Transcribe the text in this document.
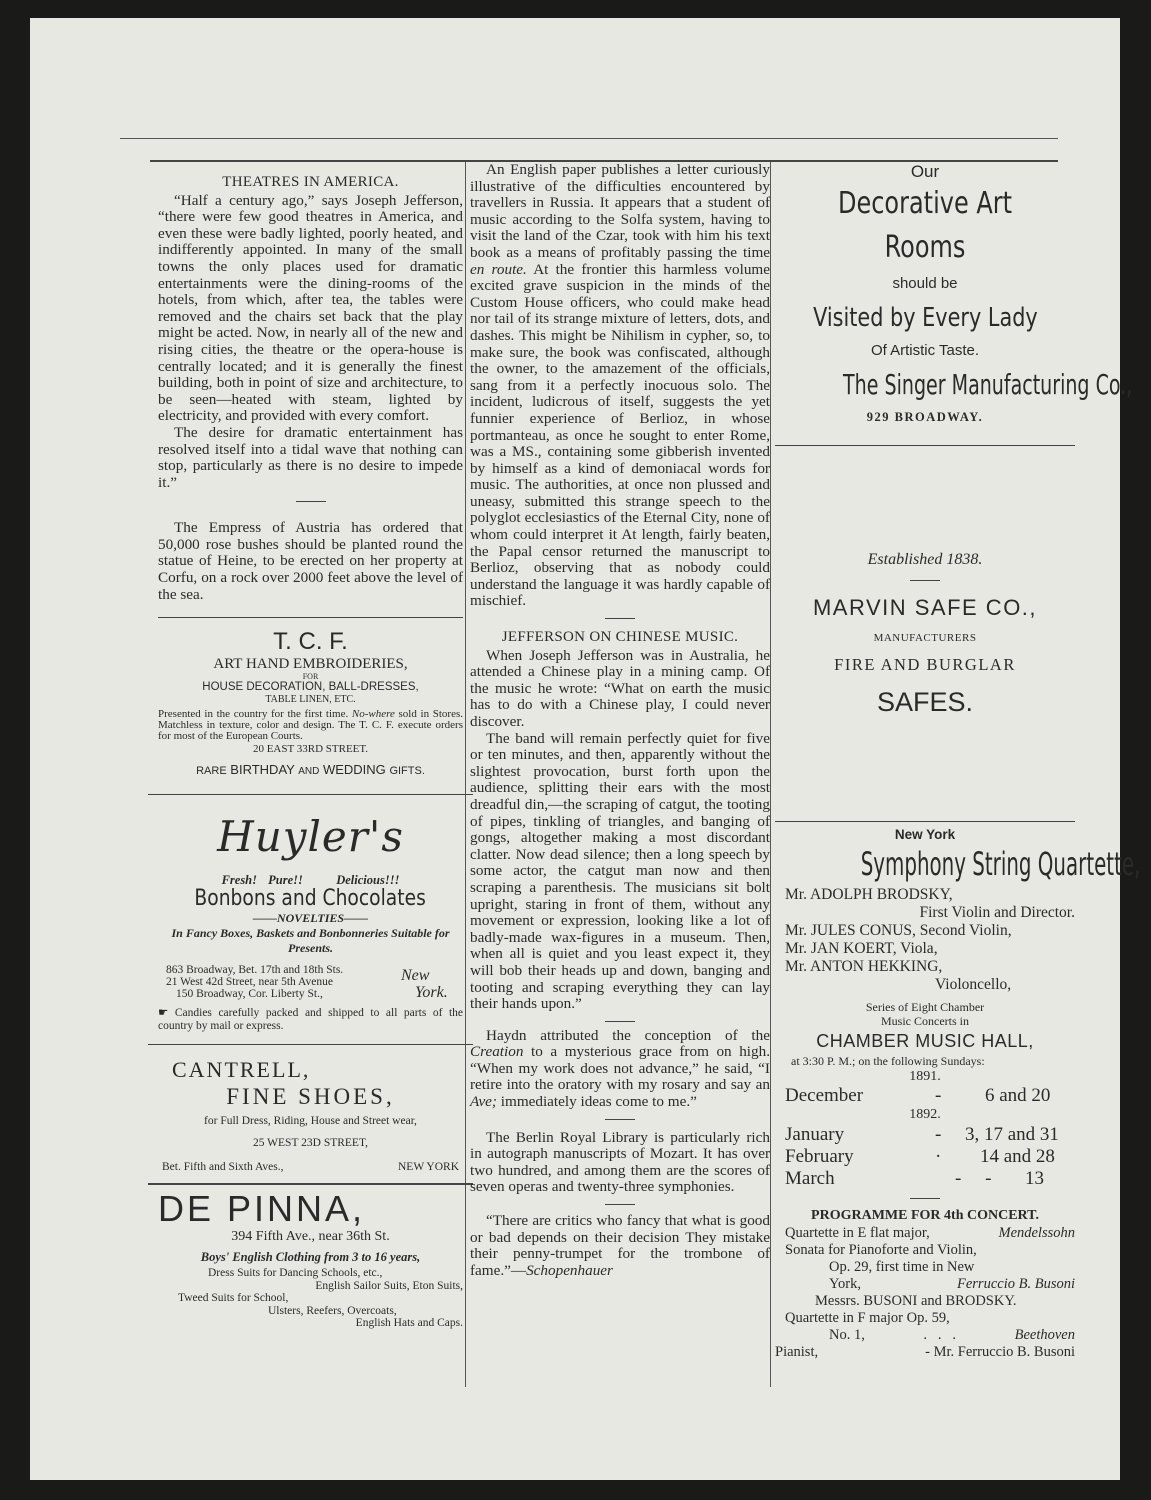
THEATRES IN AMERICA.

“Half a century ago,” says Joseph Jefferson, “there were few good theatres in America, and even these were badly lighted, poorly heated, and indifferently appointed. In many of the small towns the only places used for dramatic entertainments were the dining-rooms of the hotels, from which, after tea, the tables were removed and the chairs set back that the play might be acted. Now, in nearly all of the new and rising cities, the theatre or the opera-house is centrally located; and it is generally the finest building, both in point of size and architecture, to be seen—heated with steam, lighted by electricity, and provided with every comfort.

The desire for dramatic entertainment has resolved itself into a tidal wave that nothing can stop, particularly as there is no desire to impede it.”

The Empress of Austria has ordered that 50,000 rose bushes should be planted round the statue of Heine, to be erected on her property at Corfu, on a rock over 2000 feet above the level of the sea.

T. C. F.
ART HAND EMBROIDERIES,
FOR
HOUSE DECORATION, BALL-DRESSES,
TABLE LINEN, ETC.

Presented in the country for the first time. No-where sold in Stores. Matchless in texture, color and design. The T. C. F. execute orders for most of the European Courts.

20 EAST 33RD STREET.
RARE BIRTHDAY AND WEDDING GIFTS.
Huyler's
Fresh! Pure!!	Delicious!!!
Bonbons and Chocolates
——NOVELTIES——
In Fancy Boxes, Baskets and Bonbonneries Suitable for Presents.
863 Broadway, Bet. 17th and 18th Sts.
21 West 42d Street, near 5th Avenue
150 Broadway, Cor. Liberty St.,
New
York.

☛ Candies carefully packed and shipped to all parts of the country by mail or express.

CANTRELL,
FINE SHOES,
for Full Dress, Riding, House and Street wear,
25 WEST 23D STREET,
Bet. Fifth and Sixth Aves.,	NEW YORK
DE PINNA,
394 Fifth Ave., near 36th St.
Boys' English Clothing from 3 to 16 years,
Dress Suits for Dancing Schools, etc.,
English Sailor Suits, Eton Suits,
Tweed Suits for School,
Ulsters, Reefers, Overcoats,
English Hats and Caps.

An English paper publishes a letter curiously illustrative of the difficulties encountered by travellers in Russia. It appears that a student of music according to the Solfa system, having to visit the land of the Czar, took with him his text book as a means of profitably passing the time en route. At the frontier this harmless volume excited grave suspicion in the minds of the Custom House officers, who could make head nor tail of its strange mixture of letters, dots, and dashes. This might be Nihilism in cypher, so, to make sure, the book was confiscated, although the owner, to the amazement of the officials, sang from it a perfectly inocuous solo. The incident, ludicrous of itself, suggests the yet funnier experience of Berlioz, in whose portmanteau, as once he sought to enter Rome, was a MS., containing some gibberish invented by himself as a kind of demoniacal words for music. The authorities, at once non plussed and uneasy, submitted this strange speech to the polyglot ecclesiastics of the Eternal City, none of whom could interpret it At length, fairly beaten, the Papal censor returned the manuscript to Berlioz, observing that as nobody could understand the language it was hardly capable of mischief.

JEFFERSON ON CHINESE MUSIC.

When Joseph Jefferson was in Australia, he attended a Chinese play in a mining camp. Of the music he wrote: “What on earth the music has to do with a Chinese play, I could never discover.

The band will remain perfectly quiet for five or ten minutes, and then, apparently without the slightest provocation, burst forth upon the audience, splitting their ears with the most dreadful din,—the scraping of catgut, the tooting of pipes, tinkling of triangles, and banging of gongs, altogether making a most discordant clatter. Now dead silence; then a long speech by some actor, the catgut man now and then scraping a parenthesis. The musicians sit bolt upright, staring in front of them, without any movement or expression, looking like a lot of badly-made wax-figures in a museum. Then, when all is quiet and you least expect it, they will bob their heads up and down, banging and tooting and scraping everything they can lay their hands upon.”

Haydn attributed the conception of the Creation to a mysterious grace from on high. “When my work does not advance,” he said, “I retire into the oratory with my rosary and say an Ave; immediately ideas come to me.”

The Berlin Royal Library is particularly rich in autograph manuscripts of Mozart. It has over two hundred, and among them are the scores of seven operas and twenty-three symphonies.

“There are critics who fancy that what is good or bad depends on their decision They mistake their penny-trumpet for the trombone of fame.”—Schopenhauer

Our
Decorative Art Rooms
should be
Visited by Every Lady
Of Artistic Taste.
The Singer Manufacturing Co.,
929 BROADWAY.
Established 1838.
MARVIN SAFE CO.,
MANUFACTURERS
FIRE AND BURGLAR
SAFES.
New York
Symphony String Quartette,
Mr. ADOLPH BRODSKY,
First Violin and Director.
Mr. JULES CONUS, Second Violin,
Mr. JAN KOERT, Viola,
Mr. ANTON HEKKING,
Violoncello,
Series of Eight Chamber
Music Concerts in
CHAMBER MUSIC HALL,
at 3:30 P. M.; on the following Sundays:
1891.
December	-	6 and 20
1892.
January	-	3, 17 and 31
February	·	14 and 28
March	-     -	13
PROGRAMME FOR 4th CONCERT.
Quartette in E flat major,	Mendelssohn
Sonata for Pianoforte and Violin,
Op. 29, first time in New
York,	Ferruccio B. Busoni
Messrs. BUSONI and BRODSKY.
Quartette in F major Op. 59,
No. 1,	.   .   .	Beethoven
Pianist,	- Mr. Ferruccio B. Busoni
